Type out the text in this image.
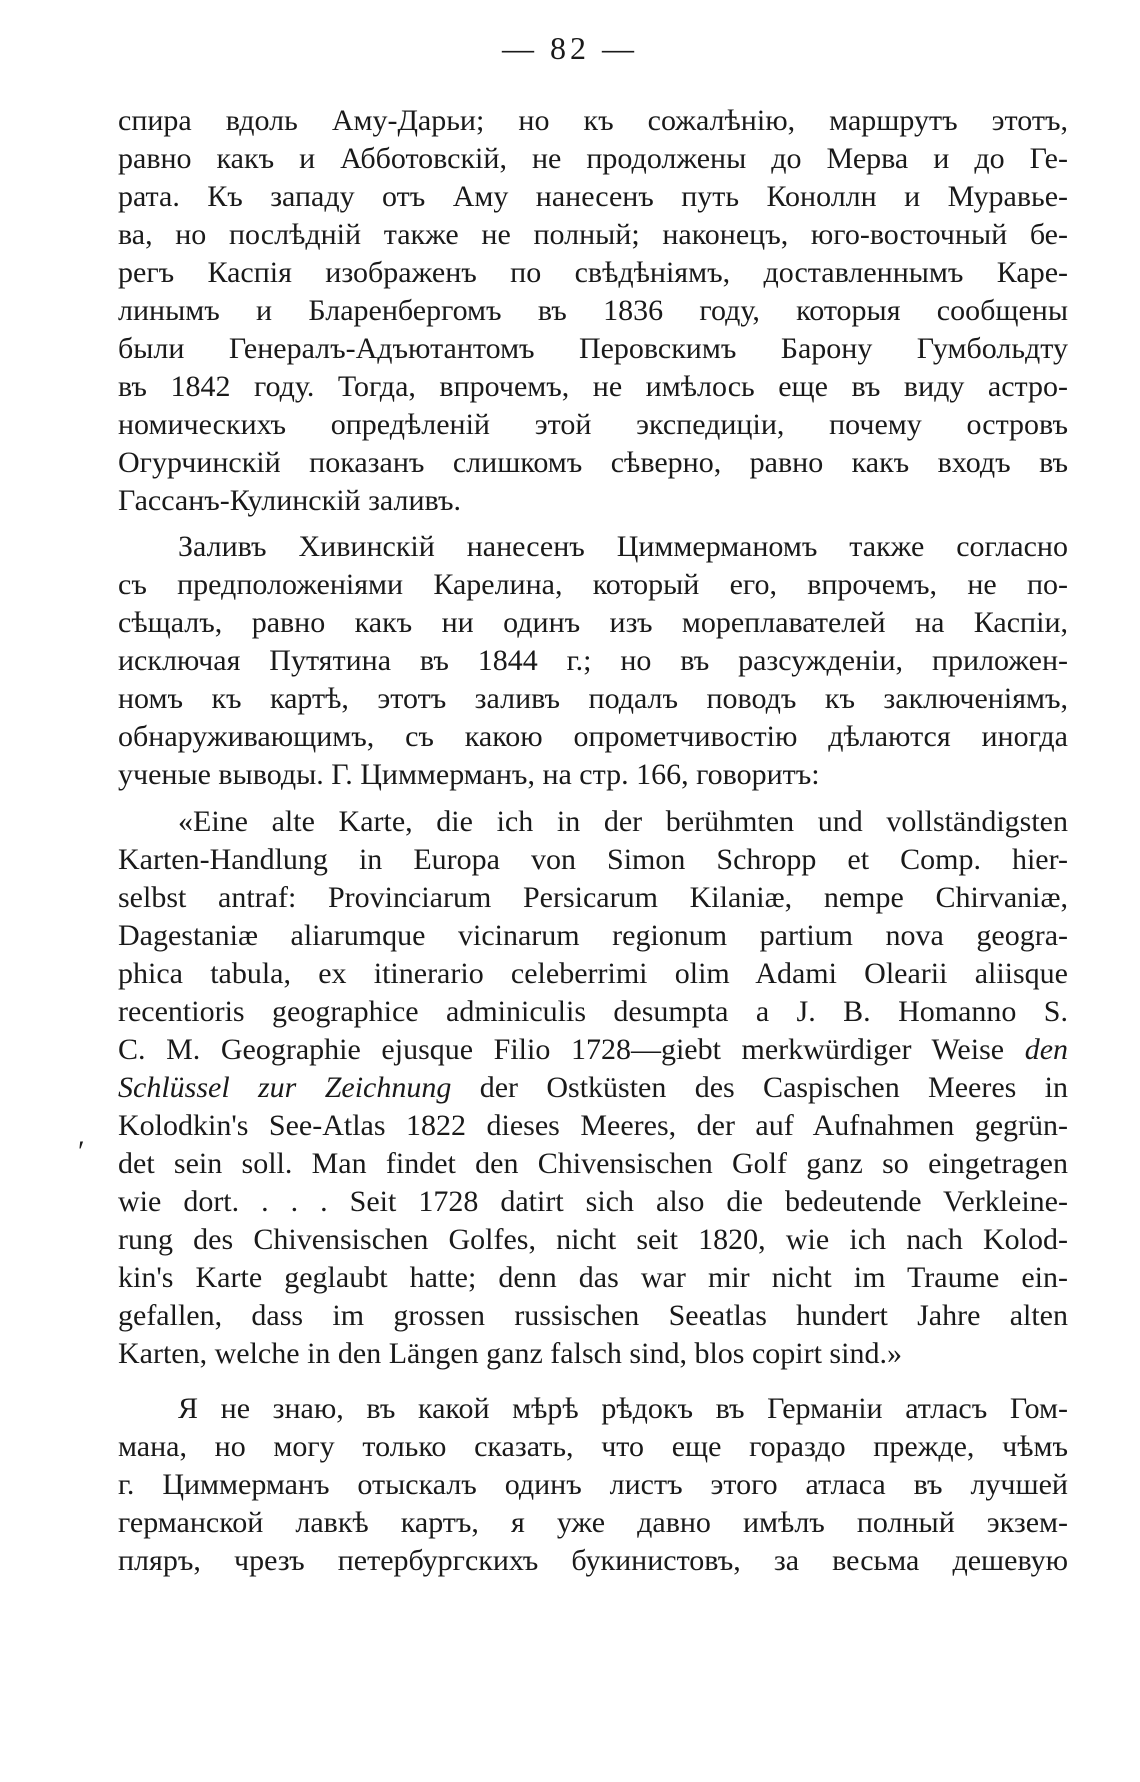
— 82 —
спира вдоль Аму-Дарьи; но къ сожалѣнію, маршрутъ этотъ,
равно какъ и Абботовскій, не продолжены до Мерва и до Ге-
рата. Къ западу отъ Аму нанесенъ путь Коноллн и Муравье-
ва, но послѣдній также не полный; наконецъ, юго-восточный бе-
регъ Каспія изображенъ по свѣдѣніямъ, доставленнымъ Каре-
линымъ и Бларенбергомъ въ 1836 году, которыя сообщены
были Генералъ-Адъютантомъ Перовскимъ Барону Гумбольдту
въ 1842 году. Тогда, впрочемъ, не имѣлось еще въ виду астро-
номическихъ опредѣленій этой экспедиціи, почему островъ
Огурчинскій показанъ слишкомъ сѣверно, равно какъ входъ въ
Гассанъ-Кулинскій заливъ.
Заливъ Хивинскій нанесенъ Циммерманомъ также согласно
съ предположеніями Карелина, который его, впрочемъ, не по-
сѣщалъ, равно какъ ни одинъ изъ мореплавателей на Каспіи,
исключая Путятина въ 1844 г.; но въ разсужденіи, приложен-
номъ къ картѣ, этотъ заливъ подалъ поводъ къ заключеніямъ,
обнаруживающимъ, съ какою опрометчивостію дѣлаются иногда
ученые выводы. Г. Циммерманъ, на стр. 166, говоритъ:
«Eine alte Karte, die ich in der berühmten und vollständigsten
Karten-Handlung in Europa von Simon Schropp et Comp. hier-
selbst antraf: Provinciarum Persicarum Kilaniæ, nempe Chirvaniæ,
Dagestaniæ aliarumque vicinarum regionum partium nova geogra-
phica tabula, ex itinerario celeberrimi olim Adami Olearii aliisque
recentioris geographice adminiculis desumpta a J. B. Homanno S.
C. M. Geographie ejusque Filio 1728—giebt merkwürdiger Weise den
Schlüssel zur Zeichnung der Ostküsten des Caspischen Meeres in
Kolodkin's See-Atlas 1822 dieses Meeres, der auf Aufnahmen gegrün-
det sein soll. Man findet den Chivensischen Golf ganz so eingetragen
wie dort. . . . Seit 1728 datirt sich also die bedeutende Verkleine-
rung des Chivensischen Golfes, nicht seit 1820, wie ich nach Kolod-
kin's Karte geglaubt hatte; denn das war mir nicht im Traume ein-
gefallen, dass im grossen russischen Seeatlas hundert Jahre alten
Karten, welche in den Längen ganz falsch sind, blos copirt sind.»
ʹ
Я не знаю, въ какой мѣрѣ рѣдокъ въ Германіи атласъ Гом-
мана, но могу только сказать, что еще гораздо прежде, чѣмъ
г. Циммерманъ отыскалъ одинъ листъ этого атласа въ лучшей
германской лавкѣ картъ, я уже давно имѣлъ полный экзем-
пляръ, чрезъ петербургскихъ букинистовъ, за весьма дешевую
